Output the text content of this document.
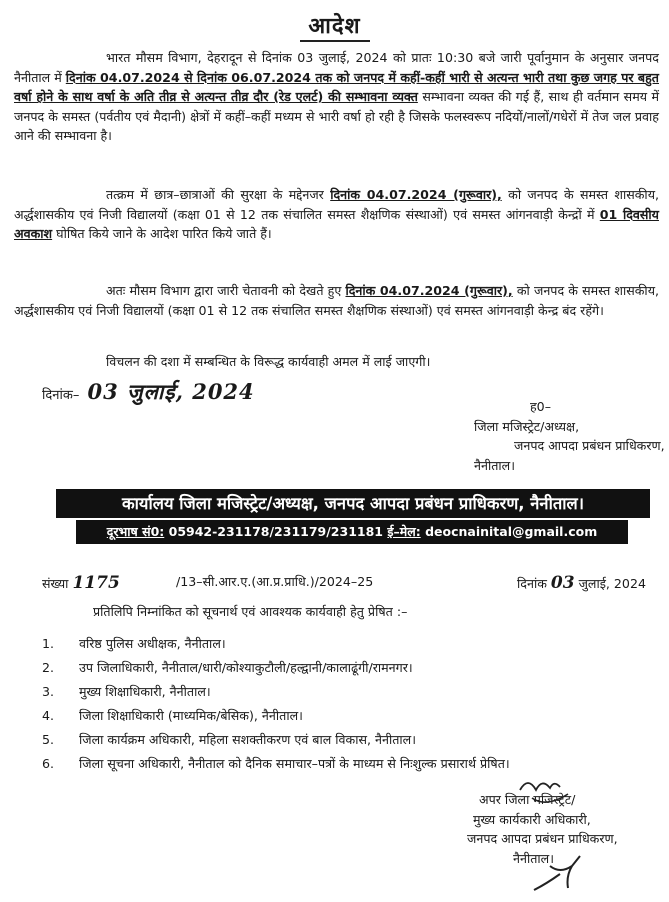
आदेश

भारत मौसम विभाग, देहरादून से दिनांक 03 जुलाई, 2024 को प्रातः 10:30 बजे जारी पूर्वानुमान के अनुसार जनपद नैनीताल में दिनांक 04.07.2024 से दिनांक 06.07.2024 तक को जनपद में कहीं-कहीं भारी से अत्यन्त भारी तथा कुछ जगह पर बहुत वर्षा होने के साथ वर्षा के अति तीव्र से अत्यन्त तीव्र दौर (रेड एलर्ट) की सम्भावना व्यक्त सम्भावना व्यक्त की गई हैं, साथ ही वर्तमान समय में जनपद के समस्त (पर्वतीय एवं मैदानी) क्षेत्रों में कहीं–कहीं मध्यम से भारी वर्षा हो रही है जिसके फलस्वरूप नदियों/नालों/गधेरों में तेज जल प्रवाह आने की सम्भावना है।

तत्क्रम में छात्र–छात्राओं की सुरक्षा के मद्देनजर दिनांक 04.07.2024 (गुरूवार), को जनपद के समस्त शासकीय, अर्द्धशासकीय एवं निजी विद्यालयों (कक्षा 01 से 12 तक संचालित समस्त शैक्षणिक संस्थाओं) एवं समस्त आंगनवाड़ी केन्द्रों में 01 दिवसीय अवकाश घोषित किये जाने के आदेश पारित किये जाते हैं।

अतः मौसम विभाग द्वारा जारी चेतावनी को देखते हुए दिनांक 04.07.2024 (गुरूवार), को जनपद के समस्त शासकीय, अर्द्धशासकीय एवं निजी विद्यालयों (कक्षा 01 से 12 तक संचालित समस्त शैक्षणिक संस्थाओं) एवं समस्त आंगनवाड़ी केन्द्र बंद रहेंगे।

विचलन की दशा में सम्बन्धित के विरूद्ध कार्यवाही अमल में लाई जाएगी।

दिनांक– 03 जुलाई, 2024
ह0–
जिला मजिस्ट्रेट/अध्यक्ष,
जनपद आपदा प्रबंधन प्राधिकरण,
नैनीताल।
कार्यालय जिला मजिस्ट्रेट/अध्यक्ष, जनपद आपदा प्रबंधन प्राधिकरण, नैनीताल।
दूरभाष सं0: 05942-231178/231179/231181 ई–मेल: deocnainital@gmail.com
संख्या 1175	/13–सी.आर.ए.(आ.प्र.प्राधि.)/2024–25	दिनांक 03 जुलाई, 2024
प्रतिलिपि निम्नांकित को सूचनार्थ एवं आवश्यक कार्यवाही हेतु प्रेषित :–
1. वरिष्ठ पुलिस अधीक्षक, नैनीताल।
2. उप जिलाधिकारी, नैनीताल/धारी/कोश्याकुटौली/हल्द्वानी/कालाढूंगी/रामनगर।
3. मुख्य शिक्षाधिकारी, नैनीताल।
4. जिला शिक्षाधिकारी (माध्यमिक/बेसिक), नैनीताल।
5. जिला कार्यक्रम अधिकारी, महिला सशक्तीकरण एवं बाल विकास, नैनीताल।
6. जिला सूचना अधिकारी, नैनीताल को दैनिक समाचार–पत्रों के माध्यम से निःशुल्क प्रसारार्थ प्रेषित।
अपर जिला मजिस्ट्रेट/
मुख्य कार्यकारी अधिकारी,
जनपद आपदा प्रबंधन प्राधिकरण,
नैनीताल।
